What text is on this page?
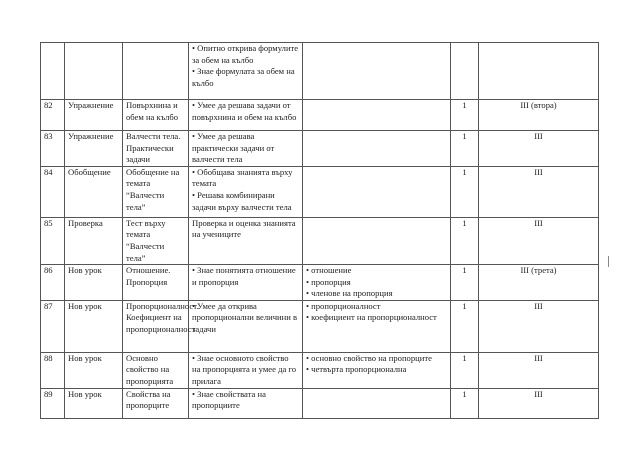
			• Опитно открива формулите за обем на кълбо
• Знае формулата за обем на кълбо			

82	Упражнение	Повърхнина и обем на кълбо	• Умее да решава задачи от повърхнина и обем на кълбо		1	III (втора)
83	Упражнение	Валчести тела. Практически задачи	• Умее да решава практически задачи от валчести тела		1	III
84	Обобщение	Обобщение на темата “Валчести тела”	• Обобщава знанията върху темата
• Решава комбинирани задачи върху валчести тела		1	III
85	Проверка	Тест върху темата “Валчести тела”	Проверка и оценка знанията на учениците		1	III
86	Нов урок	Отношение. Пропорция	• Знае понятията отношение и пропорция	• отношение
• пропорция
• членове на пропорция	1	III (трета)
87	Нов урок	Пропорционалност. Коефициент на пропорционалност	• Умее да открива пропорционални величини в задачи	• пропорционалност
• коефициент на пропорционалност	1	III
88	Нов урок	Основно свойство на пропорцията	• Знае основното свойство на пропорцията и умее да го прилага	• основно свойство на пропорците
• четвърта пропорционална	1	III
89	Нов урок	Свойства на пропорците	• Знае свойствата на пропорциите		1	III
